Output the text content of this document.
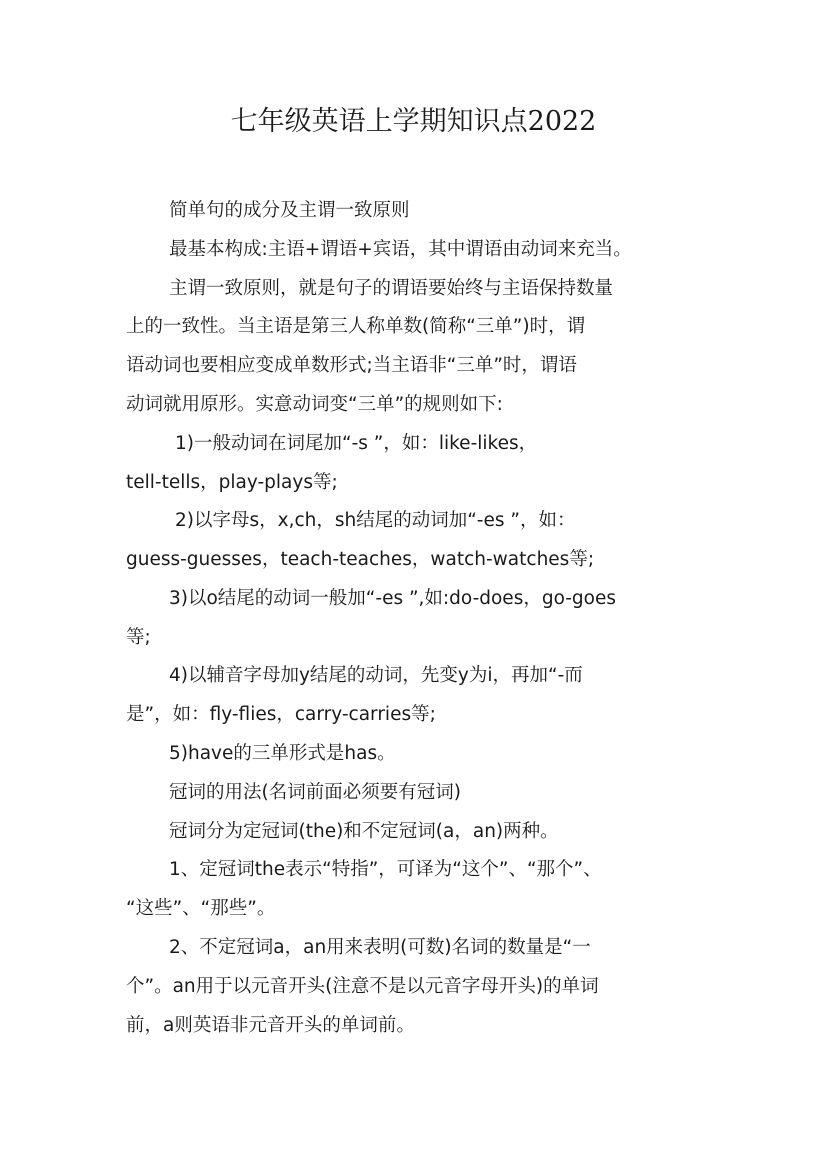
七年级英语上学期知识点2022

简单句的成分及主谓一致原则

最基本构成:主语+谓语+宾语，其中谓语由动词来充当。

主谓一致原则，就是句子的谓语要始终与主语保持数量

上的一致性。当主语是第三人称单数(简称“三单”)时，谓

语动词也要相应变成单数形式;当主语非“三单”时，谓语

动词就用原形。实意动词变“三单”的规则如下:

1)一般动词在词尾加“-s ”，如：like-likes，

tell-tells，play-plays等;

2)以字母s，x,ch，sh结尾的动词加“-es ”，如：

guess-guesses，teach-teaches，watch-watches等;

3)以o结尾的动词一般加“-es ”,如:do-does，go-goes

等;

4)以辅音字母加y结尾的动词，先变y为i，再加“-而

是”，如：fly-flies，carry-carries等;

5)have的三单形式是has。

冠词的用法(名词前面必须要有冠词)

冠词分为定冠词(the)和不定冠词(a，an)两种。

1、定冠词the表示“特指”，可译为“这个”、“那个”、

“这些”、“那些”。

2、不定冠词a，an用来表明(可数)名词的数量是“一

个”。an用于以元音开头(注意不是以元音字母开头)的单词

前，a则英语非元音开头的单词前。
